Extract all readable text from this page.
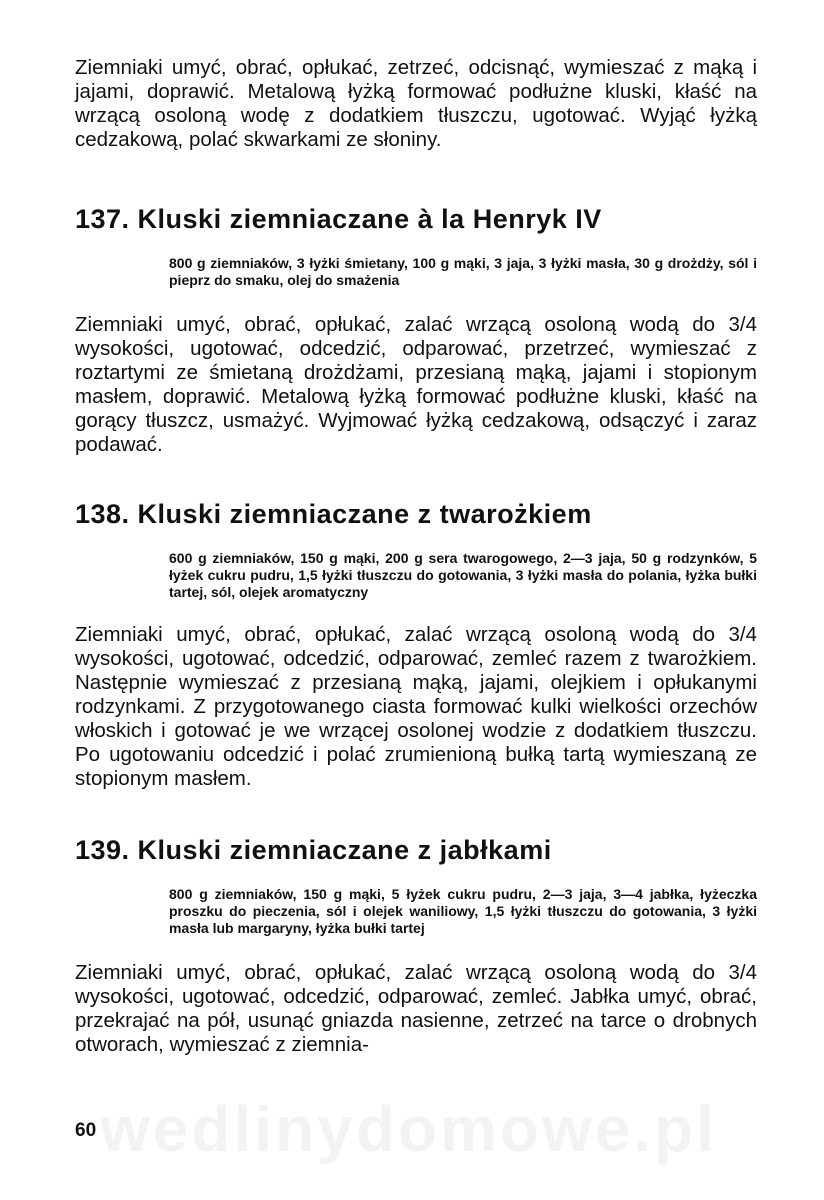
wedlinydomowe.pl

Ziemniaki umyć, obrać, opłukać, zetrzeć, odcisnąć, wymieszać z mąką i jajami, doprawić. Metalową łyżką formować podłużne kluski, kłaść na wrzącą osoloną wodę z dodatkiem tłuszczu, ugotować. Wyjąć łyżką cedzakową, polać skwarkami ze słoniny.

137. Kluski ziemniaczane à la Henryk IV

800 g ziemniaków, 3 łyżki śmietany, 100 g mąki, 3 jaja, 3 łyżki masła, 30 g drożdży, sól i pieprz do smaku, olej do smażenia

Ziemniaki umyć, obrać, opłukać, zalać wrzącą osoloną wodą do 3/4 wysokości, ugotować, odcedzić, odparować, przetrzeć, wymieszać z roztartymi ze śmietaną drożdżami, przesianą mąką, jajami i stopionym masłem, doprawić. Metalową łyżką formować podłużne kluski, kłaść na gorący tłuszcz, usmażyć. Wyjmować łyżką cedzakową, odsączyć i zaraz podawać.

138. Kluski ziemniaczane z twarożkiem

600 g ziemniaków, 150 g mąki, 200 g sera twarogowego, 2—3 jaja, 50 g rodzynków, 5 łyżek cukru pudru, 1,5 łyżki tłuszczu do gotowania, 3 łyżki masła do polania, łyżka bułki tartej, sól, olejek aromatyczny

Ziemniaki umyć, obrać, opłukać, zalać wrzącą osoloną wodą do 3/4 wysokości, ugotować, odcedzić, odparować, zemleć razem z twarożkiem. Następnie wymieszać z przesianą mąką, jajami, olejkiem i opłukanymi rodzynkami. Z przygotowanego ciasta formować kulki wielkości orzechów włoskich i gotować je we wrzącej osolonej wodzie z dodatkiem tłuszczu. Po ugotowaniu odcedzić i polać zrumienioną bułką tartą wymieszaną ze stopionym masłem.

139. Kluski ziemniaczane z jabłkami

800 g ziemniaków, 150 g mąki, 5 łyżek cukru pudru, 2—3 jaja, 3—4 jabłka, łyżeczka proszku do pieczenia, sól i olejek waniliowy, 1,5 łyżki tłuszczu do gotowania, 3 łyżki masła lub margaryny, łyżka bułki tartej

Ziemniaki umyć, obrać, opłukać, zalać wrzącą osoloną wodą do 3/4 wysokości, ugotować, odcedzić, odparować, zemleć. Jabłka umyć, obrać, przekrajać na pół, usunąć gniazda nasienne, zetrzeć na tarce o drobnych otworach, wymieszać z ziemnia-

60
